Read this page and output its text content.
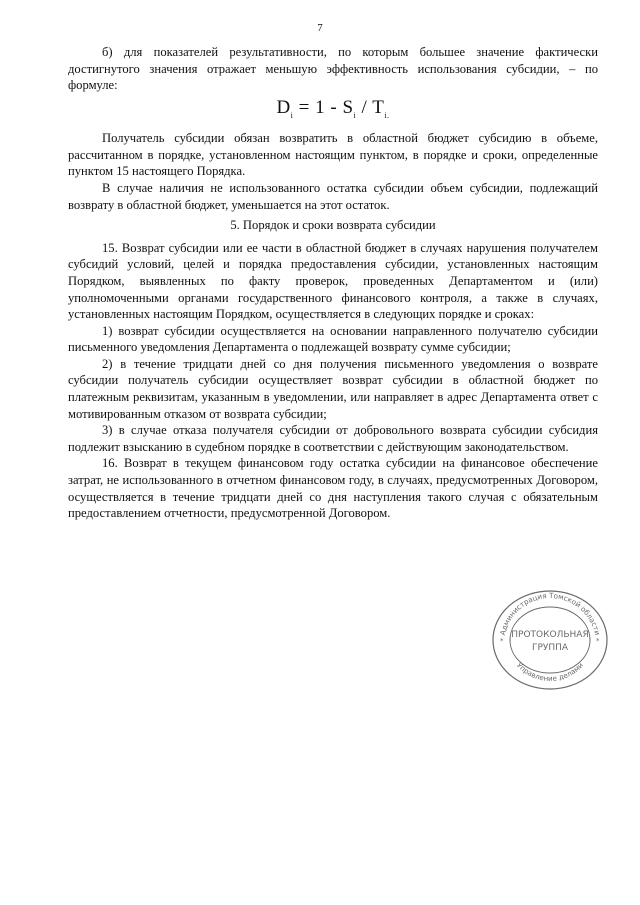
7

б) для показателей результативности, по которым большее значение фактически достигнутого значения отражает меньшую эффективность использования субсидии, – по формуле:

$D_i = 1 - S_i / T_{i.}$

Получатель субсидии обязан возвратить в областной бюджет субсидию в объеме, рассчитанном в порядке, установленном настоящим пунктом, в порядке и сроки, определенные пунктом 15 настоящего Порядка.

В случае наличия не использованного остатка субсидии объем субсидии, подлежащий возврату в областной бюджет, уменьшается на этот остаток.

5. Порядок и сроки возврата субсидии

15. Возврат субсидии или ее части в областной бюджет в случаях нарушения получателем субсидий условий, целей и порядка предоставления субсидии, установленных настоящим Порядком, выявленных по факту проверок, проведенных Департаментом и (или) уполномоченными органами государственного финансового контроля, а также в случаях, установленных настоящим Порядком, осуществляется в следующих порядке и сроках:

1) возврат субсидии осуществляется на основании направленного получателю субсидии письменного уведомления Департамента о подлежащей возврату сумме субсидии;

2) в течение тридцати дней со дня получения письменного уведомления о возврате субсидии получатель субсидии осуществляет возврат субсидии в областной бюджет по платежным реквизитам, указанным в уведомлении, или направляет в адрес Департамента ответ с мотивированным отказом от возврата субсидии;

3) в случае отказа получателя субсидии от добровольного возврата субсидии субсидия подлежит взысканию в судебном порядке в соответствии с действующим законодательством.

16. Возврат в текущем финансовом году остатка субсидии на финансовое обеспечение затрат, не использованного в отчетном финансовом году, в случаях, предусмотренных Договором, осуществляется в течение тридцати дней со дня наступления такого случая с обязательным предоставлением отчетности, предусмотренной Договором.

Администрация Томской области
Управление делами
ПРОТОКОЛЬНАЯ
ГРУППА
*	*
